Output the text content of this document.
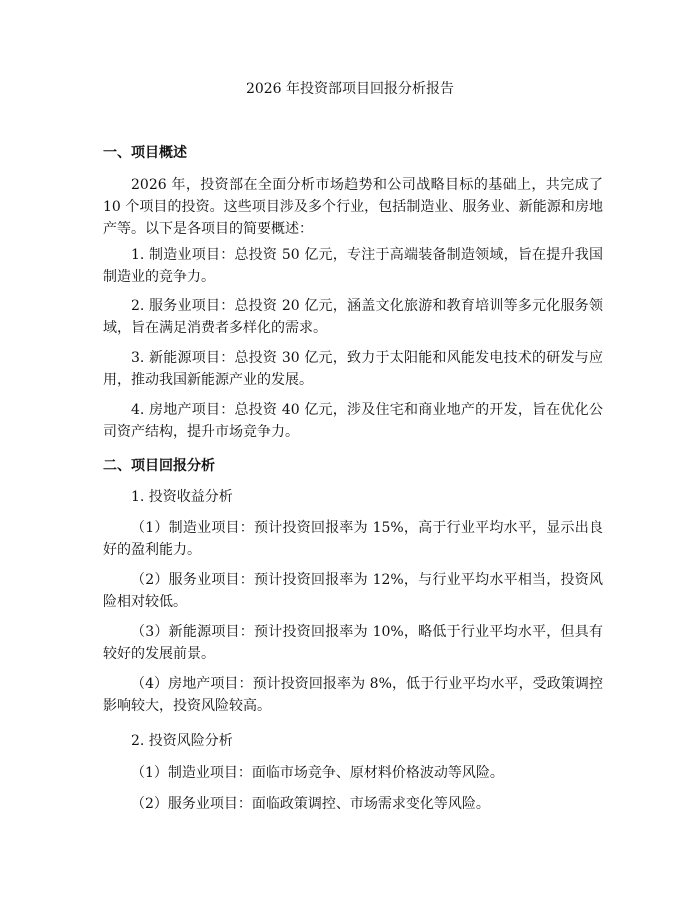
2026 年投资部项目回报分析报告
一、项目概述
2026 年，投资部在全面分析市场趋势和公司战略目标的基础上，共完成了 10 个项目的投资。这些项目涉及多个行业，包括制造业、服务业、新能源和房地产等。以下是各项目的简要概述：
1. 制造业项目：总投资 50 亿元，专注于高端装备制造领域，旨在提升我国制造业的竞争力。
2. 服务业项目：总投资 20 亿元，涵盖文化旅游和教育培训等多元化服务领域，旨在满足消费者多样化的需求。
3. 新能源项目：总投资 30 亿元，致力于太阳能和风能发电技术的研发与应用，推动我国新能源产业的发展。
4. 房地产项目：总投资 40 亿元，涉及住宅和商业地产的开发，旨在优化公司资产结构，提升市场竞争力。
二、项目回报分析
1. 投资收益分析
（1）制造业项目：预计投资回报率为 15%，高于行业平均水平，显示出良好的盈利能力。
（2）服务业项目：预计投资回报率为 12%，与行业平均水平相当，投资风险相对较低。
（3）新能源项目：预计投资回报率为 10%，略低于行业平均水平，但具有较好的发展前景。
（4）房地产项目：预计投资回报率为 8%，低于行业平均水平，受政策调控影响较大，投资风险较高。
2. 投资风险分析
（1）制造业项目：面临市场竞争、原材料价格波动等风险。
（2）服务业项目：面临政策调控、市场需求变化等风险。
